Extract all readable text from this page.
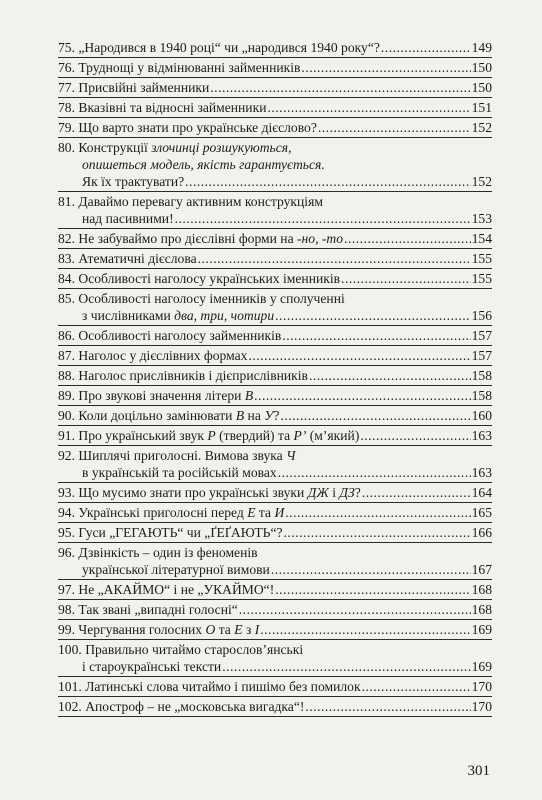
75. „Народився в 1940 році“ чи „народився 1940 року“? .....	149
76. Труднощі у відмінюванні займенників .....	150
77. Присвійні займенники .....	150
78. Вказівні та відносні займенники .....	151
79. Що варто знати про українське дієслово? .....	152
80. Конструкції злочинці розшукуються,
опишеться модель, якість гарантується.
Як їх трактувати? .....	152
81. Даваймо перевагу активним конструкціям
над пасивними! .....	153
82. Не забуваймо про дієслівні форми на -но, -то .....	154
83. Атематичні дієслова .....	155
84. Особливості наголосу українських іменників .....	155
85. Особливості наголосу іменників у сполученні
з числівниками два, три, чотири .....	156
86. Особливості наголосу займенників .....	157
87. Наголос у дієслівних формах .....	157
88. Наголос прислівників і дієприслівників .....	158
89. Про звукові значення літери В .....	158
90. Коли доцільно замінювати В на У? .....	160
91. Про український звук Р (твердий) та Рʼ (м’який) .....	163
92. Шиплячі приголосні. Вимова звука Ч
в українській та російській мовах .....	163
93. Що мусимо знати про українські звуки ДЖ і ДЗ? .....	164
94. Українські приголосні перед Е та И .....	165
95. Гуси „ГЕГАЮТЬ“ чи „ҐЕҐАЮТЬ“? .....	166
96. Дзвінкість – один із феноменів
української літературної вимови .....	167
97. Не „АКАЙМО“ і не „УКАЙМО“! .....	168
98. Так звані „випадні голосні“ .....	168
99. Чергування голосних О та Е з І .....	169
100. Правильно читаймо старослов’янські
і староукраїнські тексти .....	169
101. Латинські слова читаймо і пишімо без помилок .....	170
102. Апостроф – не „московська вигадка“! .....	170
301
